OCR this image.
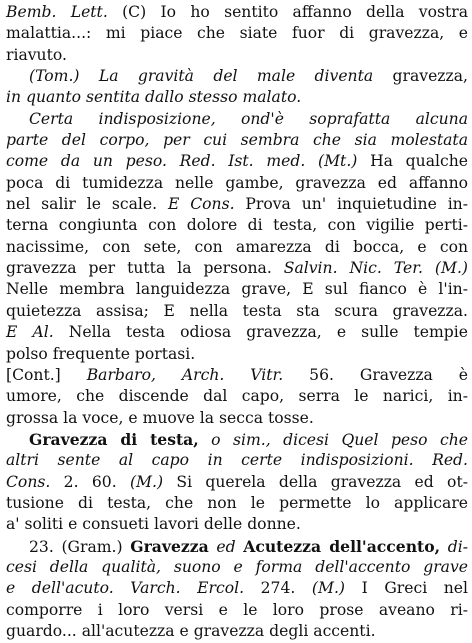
Bemb. Lett. (C) Io ho sentito affanno della vostra
malattia...: mi piace che siate fuor di gravezza, e
riavuto.
(Tom.) La gravità del male diventa gravezza,
in quanto sentita dallo stesso malato.
Certa indisposizione, ond'è soprafatta alcuna
parte del corpo, per cui sembra che sia molestata
come da un peso. Red. Ist. med. (Mt.) Ha qualche
poca di tumidezza nelle gambe, gravezza ed affanno
nel salir le scale. E Cons. Prova un' inquietudine in-
terna congiunta con dolore di testa, con vigilie perti-
nacissime, con sete, con amarezza di bocca, e con
gravezza per tutta la persona. Salvin. Nic. Ter. (M.)
Nelle membra languidezza grave, E sul fianco è l'in-
quietezza assisa; E nella testa sta scura gravezza.
E Al. Nella testa odiosa gravezza, e sulle tempie
polso frequente portasi.
[Cont.] Barbaro, Arch. Vitr. 56. Gravezza è
umore, che discende dal capo, serra le narici, in-
grossa la voce, e muove la secca tosse.
Gravezza di testa, o sim., dicesi Quel peso che
altri sente al capo in certe indisposizioni. Red.
Cons. 2. 60. (M.) Si querela della gravezza ed ot-
tusione di testa, che non le permette lo applicare
a' soliti e consueti lavori delle donne.
23. (Gram.) Gravezza ed Acutezza dell'accento, di-
cesi della qualità, suono e forma dell'accento grave
e dell'acuto. Varch. Ercol. 274. (M.) I Greci nel
comporre i loro versi e le loro prose aveano ri-
guardo... all'acutezza e gravezza degli accenti.
